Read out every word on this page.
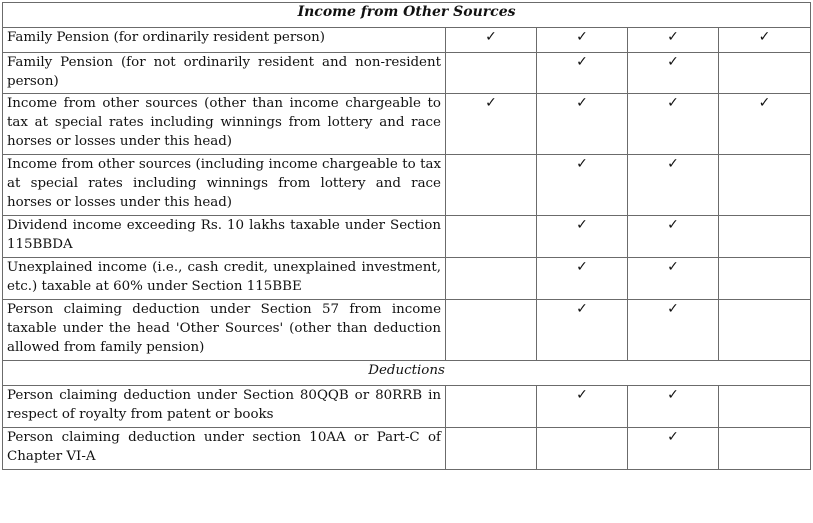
Income from Other Sources				
Family Pension (for ordinarily resident person)	✓	✓	✓	✓
Family Pension (for not ordinarily resident and non-resident person)		✓	✓	
Income from other sources (other than income chargeable to tax at special rates including winnings from lottery and race horses or losses under this head)	✓	✓	✓	✓
Income from other sources (including income chargeable to tax at special rates including winnings from lottery and race horses or losses under this head)		✓	✓	
Dividend income exceeding Rs. 10 lakhs taxable under Section 115BBDA		✓	✓	
Unexplained income (i.e., cash credit, unexplained investment, etc.) taxable at 60% under Section 115BBE		✓	✓	
Person claiming deduction under Section 57 from income taxable under the head 'Other Sources' (other than deduction allowed from family pension)		✓	✓	
Deductions				
Person claiming deduction under Section 80QQB or 80RRB in respect of royalty from patent or books		✓	✓	
Person claiming deduction under section 10AA or Part-C of Chapter VI-A			✓	
